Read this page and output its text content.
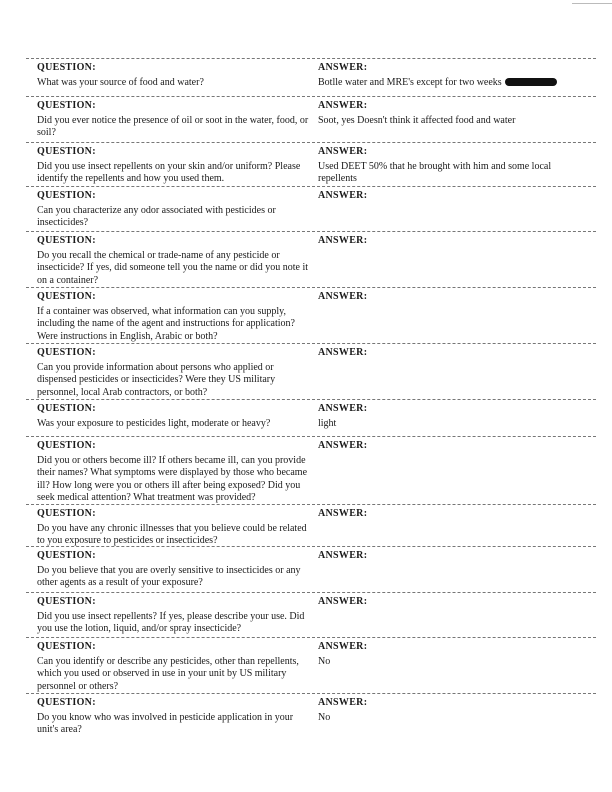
QUESTION:
What was your source of food and water?
ANSWER:
Botlle water and MRE's except for two weeks
QUESTION:
Did you ever notice the presence of oil or soot in the water, food, or soil?
ANSWER:
Soot, yes Doesn't think it affected food and water
QUESTION:
Did you use insect repellents on your skin and/or uniform? Please identify the repellents and how you used them.
ANSWER:
Used DEET 50% that he brought with him and some local repellents
QUESTION:
Can you characterize any odor associated with pesticides or insecticides?
ANSWER:
QUESTION:
Do you recall the chemical or trade-name of any pesticide or insecticide? If yes, did someone tell you the name or did you note it on a container?
ANSWER:
QUESTION:
If a container was observed, what information can you supply, including the name of the agent and instructions for application? Were instructions in English, Arabic or both?
ANSWER:
QUESTION:
Can you provide information about persons who applied or dispensed pesticides or insecticides? Were they US military personnel, local Arab contractors, or both?
ANSWER:
QUESTION:
Was your exposure to pesticides light, moderate or heavy?
ANSWER:
light
QUESTION:
Did you or others become ill? If others became ill, can you provide their names? What symptoms were displayed by those who became ill? How long were you or others ill after being exposed? Did you seek medical attention? What treatment was provided?
ANSWER:
QUESTION:
Do you have any chronic illnesses that you believe could be related to you exposure to pesticides or insecticides?
ANSWER:
QUESTION:
Do you believe that you are overly sensitive to insecticides or any other agents as a result of your exposure?
ANSWER:
QUESTION:
Did you use insect repellents? If yes, please describe your use. Did you use the lotion, liquid, and/or spray insecticide?
ANSWER:
QUESTION:
Can you identify or describe any pesticides, other than repellents, which you used or observed in use in your unit by US military personnel or others?
ANSWER:
No
QUESTION:
Do you know who was involved in pesticide application in your unit's area?
ANSWER:
No
